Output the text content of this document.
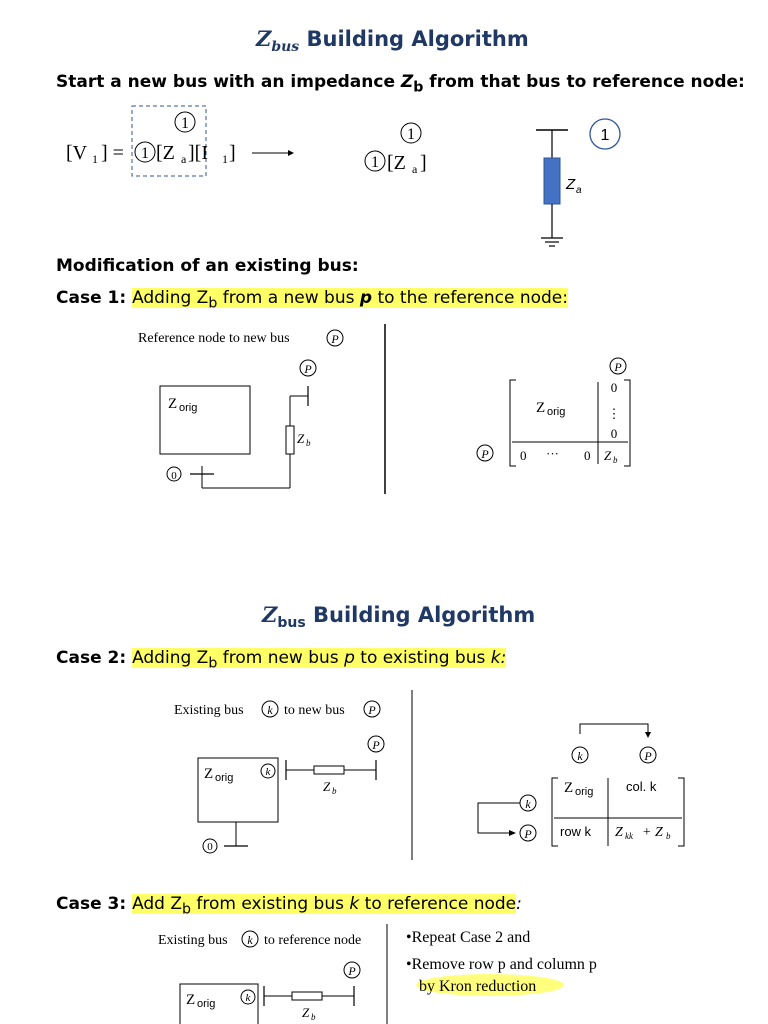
$Z_{bus}$ Building Algorithm
Start a new bus with an impedance $Z_b$ from that bus to reference node:
1
[V 1 ] = 1 [Z a ][I 1 ]
1
1 [Z a ]
Z a
1
Modification of an existing bus:
Case 1: Adding $Z_b$ from a new bus p to the reference node:
Reference node to new bus	P
Z orig
P
Z b
0
P
Z orig
0
⋮
0
0 ··· 0 Z b
P
$Z_{bus}$ Building Algorithm
Case 2: Adding $Z_b$ from new bus p to existing bus k:
Existing bus k to new bus P
Z orig	k
Z b
P
0
k	P
Z orig	col. k
row k Z kk + Z b
k
P
Case 3: Add $Z_b$ from existing bus k to reference node:
Existing bus k to reference node
Z orig	k
Z b
P
•Repeat Case 2 and
•Remove row p and column p
by Kron reduction
